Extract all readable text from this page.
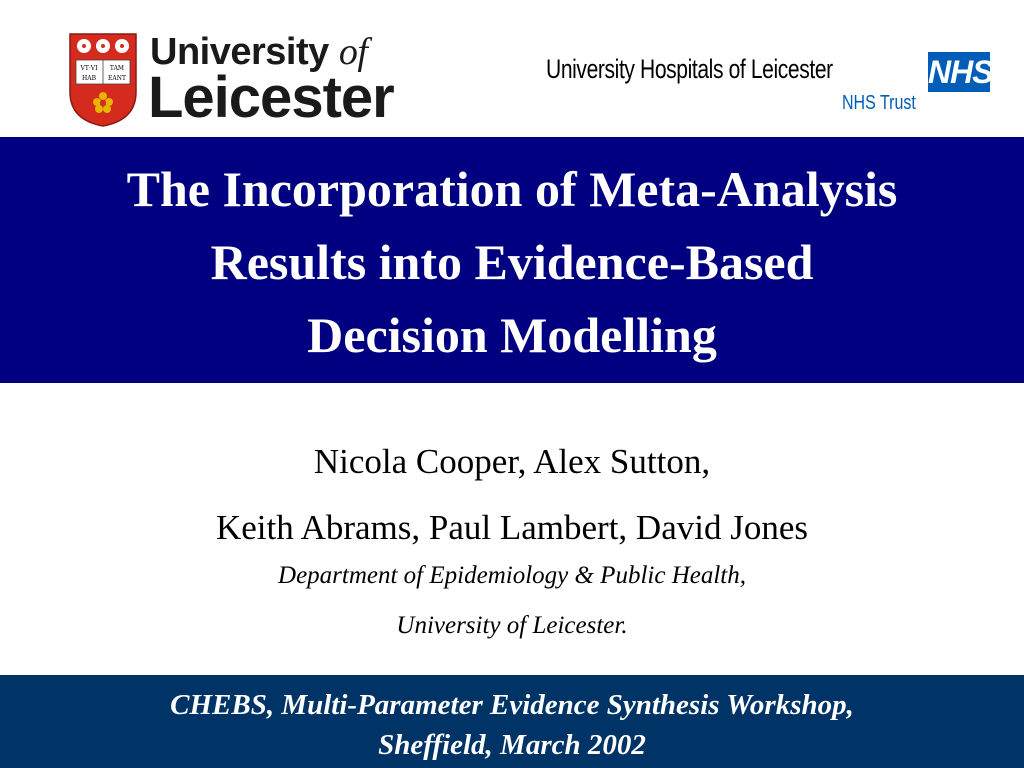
VT·VI TAM
HAB EANT
University of
Leicester	University Hospitals of Leicester	NHS
NHS Trust
The Incorporation of Meta-Analysis
Results into Evidence-Based
Decision Modelling

Nicola Cooper, Alex Sutton,

Keith Abrams, Paul Lambert, David Jones

Department of Epidemiology & Public Health,

University of Leicester.

CHEBS, Multi-Parameter Evidence Synthesis Workshop,
Sheffield, March 2002
